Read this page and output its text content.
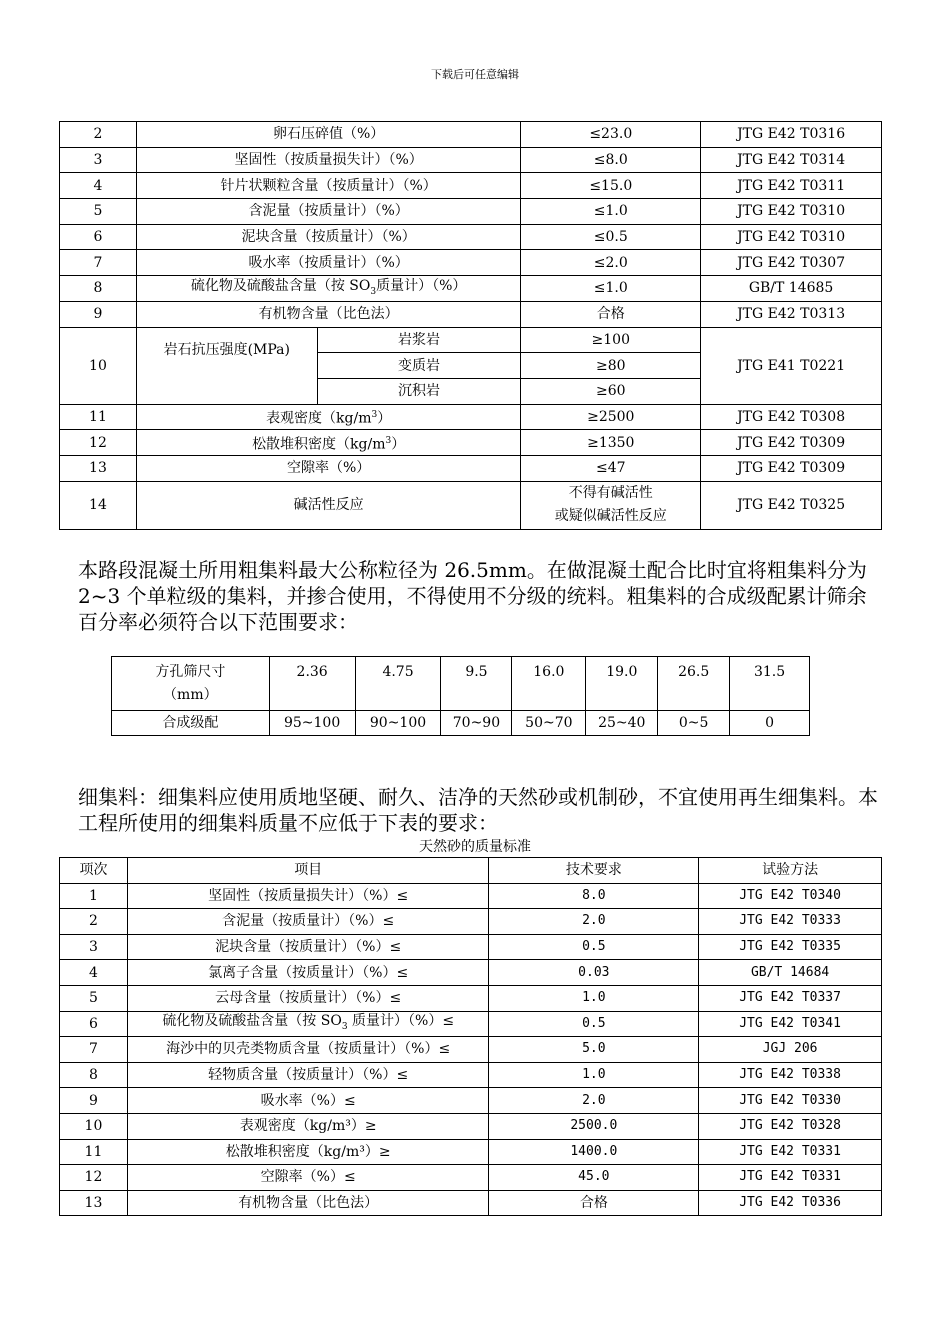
下载后可任意编辑
2	卵石压碎值（%）		≤23.0	JTG E42 T0316
3	坚固性（按质量损失计）（%）		≤8.0	JTG E42 T0314
4	针片状颗粒含量（按质量计）（%）		≤15.0	JTG E42 T0311
5	含泥量（按质量计）（%）		≤1.0	JTG E42 T0310
6	泥块含量（按质量计）（%）		≤0.5	JTG E42 T0310
7	吸水率（按质量计）（%）		≤2.0	JTG E42 T0307
8	硫化物及硫酸盐含量（按 $SO_3$质量计）（%）		≤1.0	GB/T 14685
9	有机物含量（比色法）		合格	JTG E42 T0313
10	岩石抗压强度(MPa)	岩浆岩	≥100	JTG E41 T0221
		变质岩	≥80	
		沉积岩	≥60	
11	表观密度$(kg/m^3)$		≥2500	JTG E42 T0308
12	松散堆积密度$(kg/m^3)$		≥1350	JTG E42 T0309
13	空隙率（%）		≤47	JTG E42 T0309
14	碱活性反应		不得有碱活性
或疑似碱活性反应	JTG E42 T0325

本路段混凝土所用粗集料最大公称粒径为 26.5mm。在做混凝土配合比时宜将粗集料分为 2~3 个单粒级的集料，并掺合使用，不得使用不分级的统料。粗集料的合成级配累计筛余百分率必须符合以下范围要求：

方孔筛尺寸
（mm）	2.36	4.75	9.5	16.0	19.0	26.5	31.5
合成级配	95~100	90~100	70~90	50~70	25~40	0~5	0

细集料：细集料应使用质地坚硬、耐久、洁净的天然砂或机制砂，不宜使用再生细集料。本工程所使用的细集料质量不应低于下表的要求：

天然砂的质量标准
项次	项目	技术要求	试验方法
1	坚固性（按质量损失计）（%）≤	8.0	JTG E42 T0340
2	含泥量（按质量计）（%）≤	2.0	JTG E42 T0333
3	泥块含量（按质量计）（%）≤	0.5	JTG E42 T0335
4	氯离子含量（按质量计）（%）≤	0.03	GB/T 14684
5	云母含量（按质量计）（%）≤	1.0	JTG E42 T0337
6	硫化物及硫酸盐含量（按 $SO_3$ 质量计）（%）≤	0.5	JTG E42 T0341
7	海沙中的贝壳类物质含量（按质量计）（%）≤	5.0	JGJ 206
8	轻物质含量（按质量计）（%）≤	1.0	JTG E42 T0338
9	吸水率（%）≤	2.0	JTG E42 T0330
10	表观密度（kg/m³）≥	2500.0	JTG E42 T0328
11	松散堆积密度（kg/m³）≥	1400.0	JTG E42 T0331
12	空隙率（%）≤	45.0	JTG E42 T0331
13	有机物含量（比色法）	合格	JTG E42 T0336
